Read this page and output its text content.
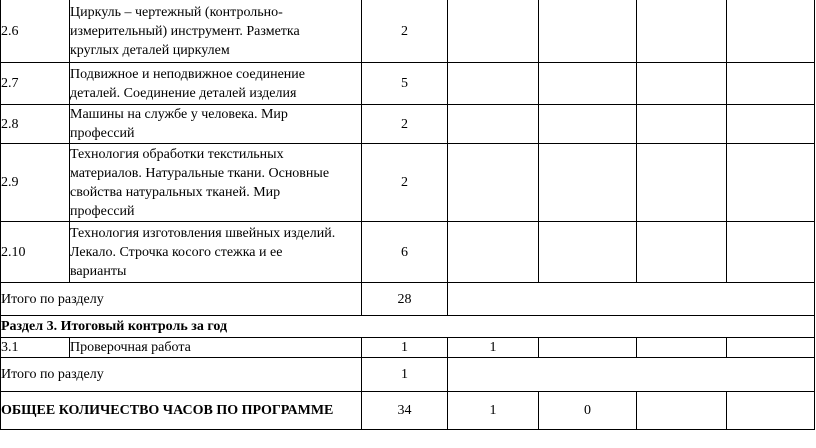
2.6	Циркуль – чертежный (контрольно-
измерительный) инструмент. Разметка
круглых деталей циркулем	2				
2.7	Подвижное и неподвижное соединение
деталей. Соединение деталей изделия	5				
2.8	Машины на службе у человека. Мир
профессий	2				
2.9	Технология обработки текстильных
материалов. Натуральные ткани. Основные
свойства натуральных тканей. Мир
профессий	2				
2.10	Технология изготовления швейных изделий.
Лекало. Строчка косого стежка и ее
варианты	6				
Итого по разделу		28				
Раздел 3. Итоговый контроль за год						
3.1	Проверочная работа	1	1			
Итого по разделу		1				
ОБЩЕЕ КОЛИЧЕСТВО ЧАСОВ ПО ПРОГРАММЕ		34	1	0		
